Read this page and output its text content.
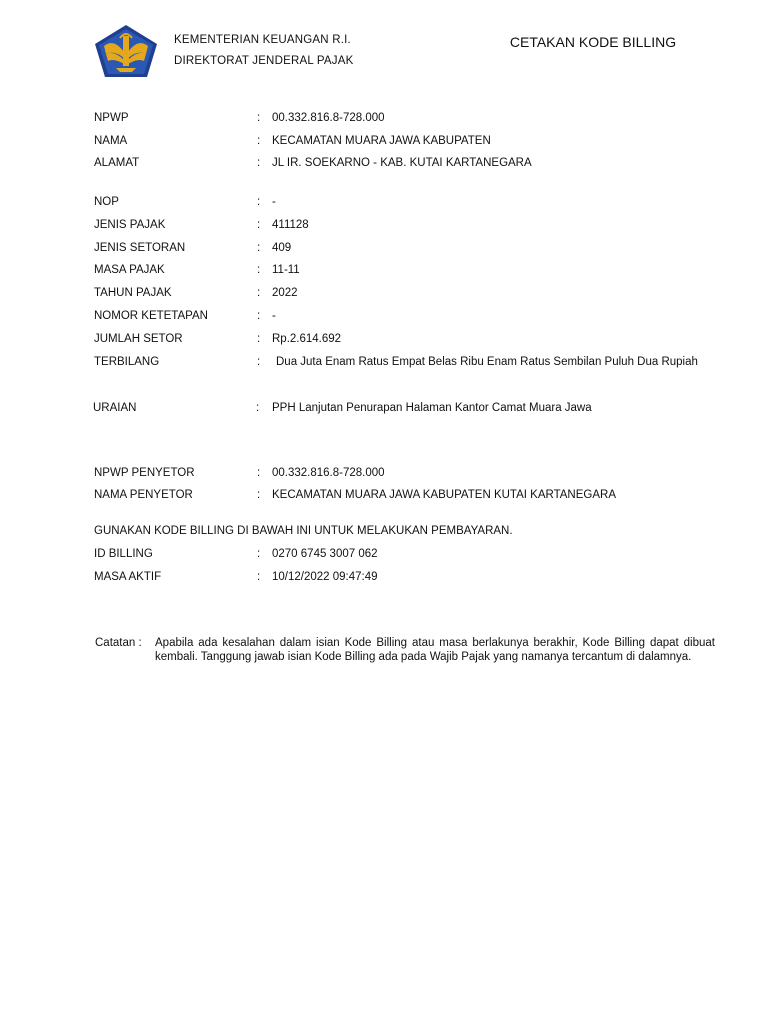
KEMENTERIAN KEUANGAN R.I.
DIREKTORAT JENDERAL PAJAK
CETAKAN KODE BILLING
NPWP	: 00.332.816.8-728.000
NAMA	: KECAMATAN MUARA JAWA KABUPATEN
ALAMAT	: JL IR. SOEKARNO - KAB. KUTAI KARTANEGARA
NOP	: -
JENIS PAJAK	: 411128
JENIS SETORAN	: 409
MASA PAJAK	: 11-11
TAHUN PAJAK	: 2022
NOMOR KETETAPAN	: -
JUMLAH SETOR	: Rp.2.614.692
TERBILANG	:	Dua Juta Enam Ratus Empat Belas Ribu Enam Ratus Sembilan Puluh Dua Rupiah
URAIAN	: PPH Lanjutan Penurapan Halaman Kantor Camat Muara Jawa
NPWP PENYETOR	: 00.332.816.8-728.000
NAMA PENYETOR	: KECAMATAN MUARA JAWA KABUPATEN KUTAI KARTANEGARA
GUNAKAN KODE BILLING DI BAWAH INI UNTUK MELAKUKAN PEMBAYARAN.
ID BILLING	: 0270 6745 3007 062
MASA AKTIF	: 10/12/2022 09:47:49
Catatan : Apabila ada kesalahan dalam isian Kode Billing atau masa berlakunya berakhir, Kode Billing dapat dibuat kembali. Tanggung jawab isian Kode Billing ada pada Wajib Pajak yang namanya tercantum di dalamnya.
